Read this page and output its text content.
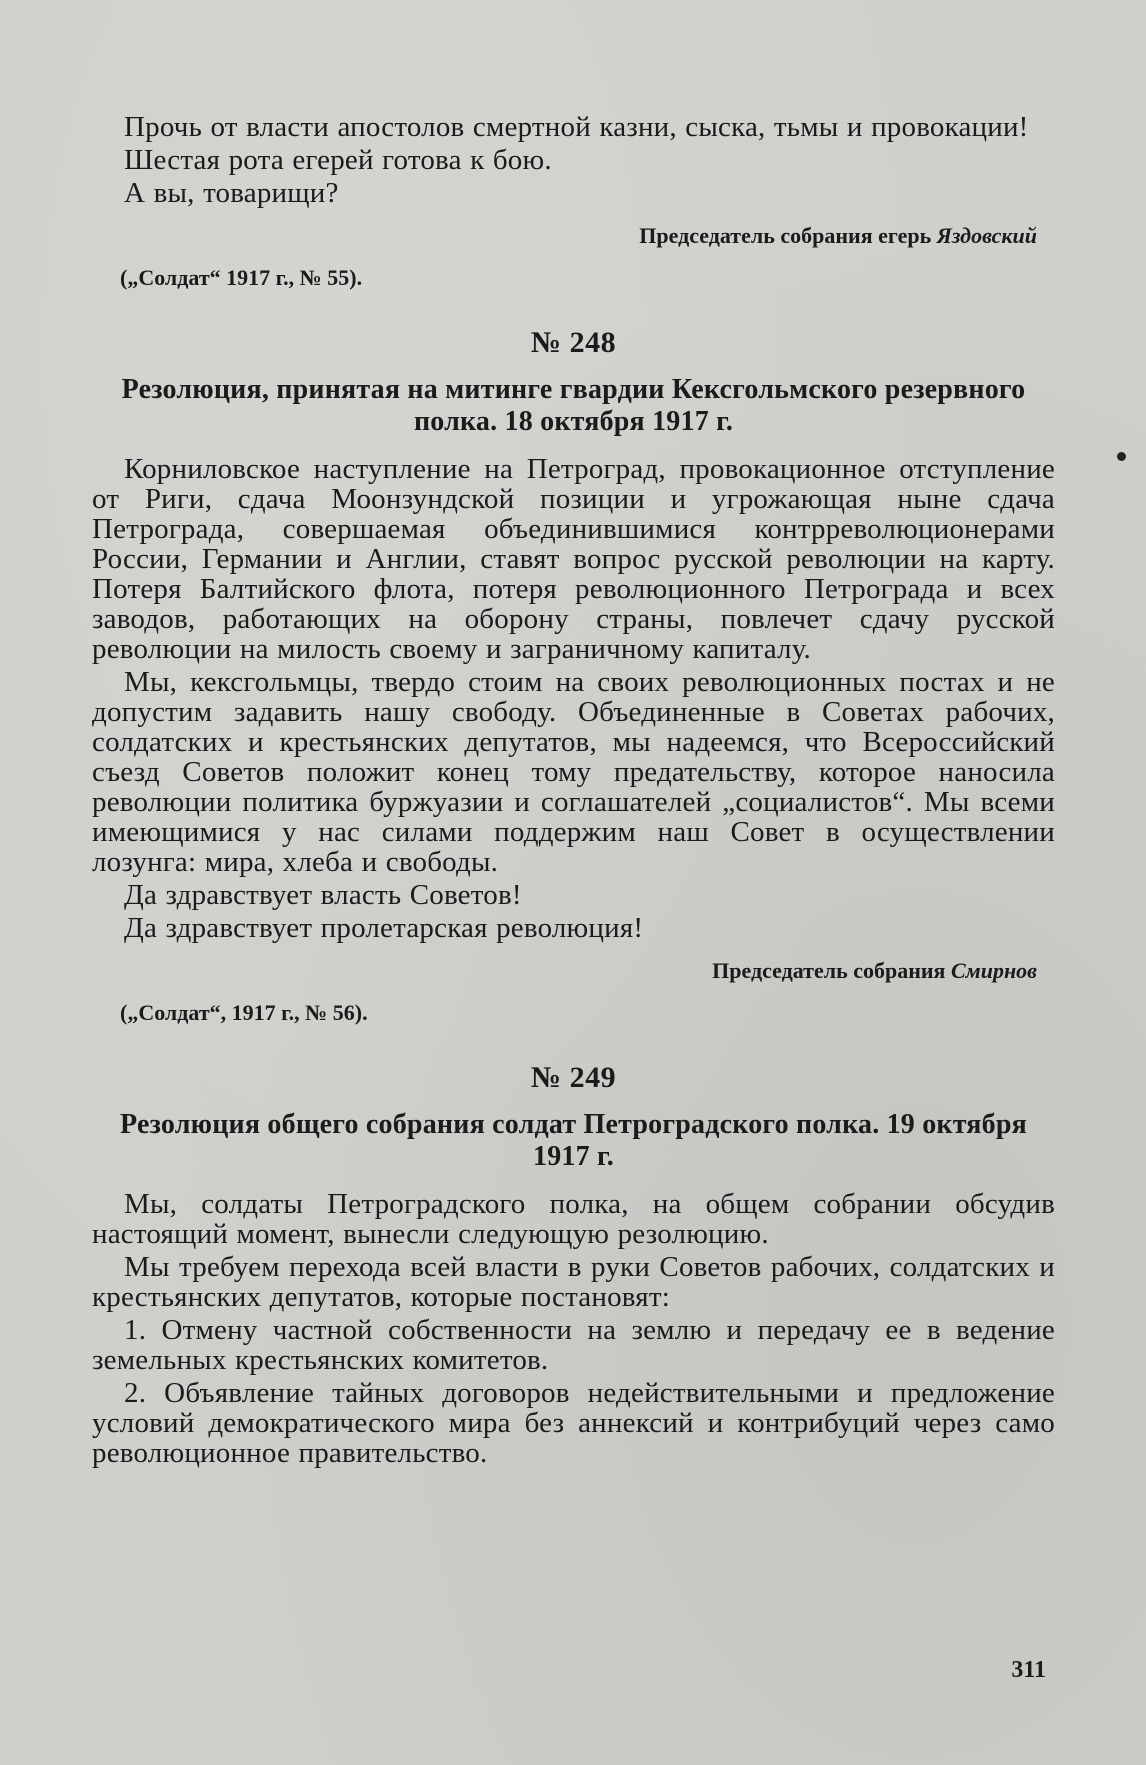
Прочь от власти апостолов смертной казни, сыска, тьмы и провокации!

Шестая рота егерей готова к бою.

А вы, товарищи?

Председатель собрания егерь Яздовский

(„Солдат“ 1917 г., № 55).

№ 248
Резолюция, принятая на митинге гвардии Кексгольмского резервного полка. 18 октября 1917 г.

Корниловское наступление на Петроград, провокационное отступление от Риги, сдача Моонзундской позиции и угрожающая ныне сдача Петрограда, совершаемая объединившимися контрреволюционерами России, Германии и Англии, ставят вопрос русской революции на карту. Потеря Балтийского флота, потеря революционного Петрограда и всех заводов, работающих на оборону страны, повлечет сдачу русской революции на милость своему и заграничному капиталу.

Мы, кексгольмцы, твердо стоим на своих революционных постах и не допустим задавить нашу свободу. Объединенные в Советах рабочих, солдатских и крестьянских депутатов, мы надеемся, что Всероссийский съезд Советов положит конец тому предательству, которое наносила революции политика буржуазии и соглашателей „социалистов“. Мы всеми имеющимися у нас силами поддержим наш Совет в осуществлении лозунга: мира, хлеба и свободы.

Да здравствует власть Советов!

Да здравствует пролетарская революция!

Председатель собрания Смирнов

(„Солдат“, 1917 г., № 56).

№ 249
Резолюция общего собрания солдат Петроградского полка. 19 октября 1917 г.

Мы, солдаты Петроградского полка, на общем собрании обсудив настоящий момент, вынесли следующую резолюцию.

Мы требуем перехода всей власти в руки Советов рабочих, солдатских и крестьянских депутатов, которые постановят:

1. Отмену частной собственности на землю и передачу ее в ведение земельных крестьянских комитетов.

2. Объявление тайных договоров недействительными и предложение условий демократического мира без аннексий и контрибуций через само революционное правительство.

311
